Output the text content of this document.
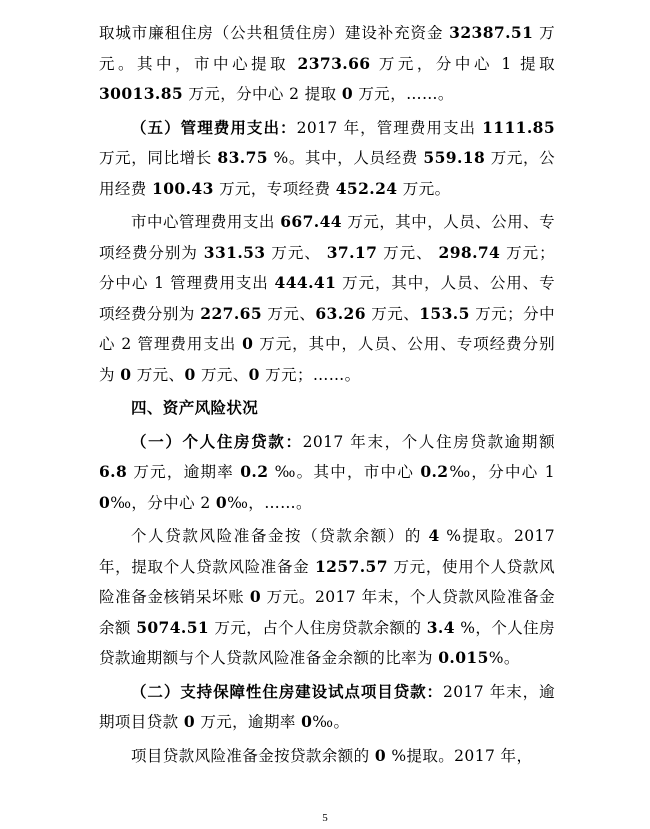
取城市廉租住房（公共租赁住房）建设补充资金 32387.51 万元。其中，市中心提取 2373.66 万元，分中心 1 提取 30013.85 万元，分中心 2 提取 0 万元，……。

（五）管理费用支出：2017 年，管理费用支出 1111.85 万元，同比增长 83.75 %。其中，人员经费 559.18 万元，公用经费 100.43 万元，专项经费 452.24 万元。

市中心管理费用支出 667.44 万元，其中，人员、公用、专项经费分别为 331.53 万元、 37.17 万元、 298.74 万元；分中心 1 管理费用支出 444.41 万元，其中，人员、公用、专项经费分别为 227.65 万元、63.26 万元、153.5 万元；分中心 2 管理费用支出 0 万元，其中，人员、公用、专项经费分别为 0 万元、0 万元、0 万元；……。

四、资产风险状况

（一）个人住房贷款：2017 年末，个人住房贷款逾期额 6.8 万元，逾期率 0.2 ‰。其中，市中心 0.2‰，分中心 1 0‰，分中心 2 0‰，……。

个人贷款风险准备金按（贷款余额）的 4 %提取。2017 年，提取个人贷款风险准备金 1257.57 万元，使用个人贷款风险准备金核销呆坏账 0 万元。2017 年末，个人贷款风险准备金余额 5074.51 万元，占个人住房贷款余额的 3.4 %，个人住房贷款逾期额与个人贷款风险准备金余额的比率为 0.015%。

（二）支持保障性住房建设试点项目贷款：2017 年末，逾期项目贷款 0 万元，逾期率 0‰。

项目贷款风险准备金按贷款余额的 0 %提取。2017 年，

5
